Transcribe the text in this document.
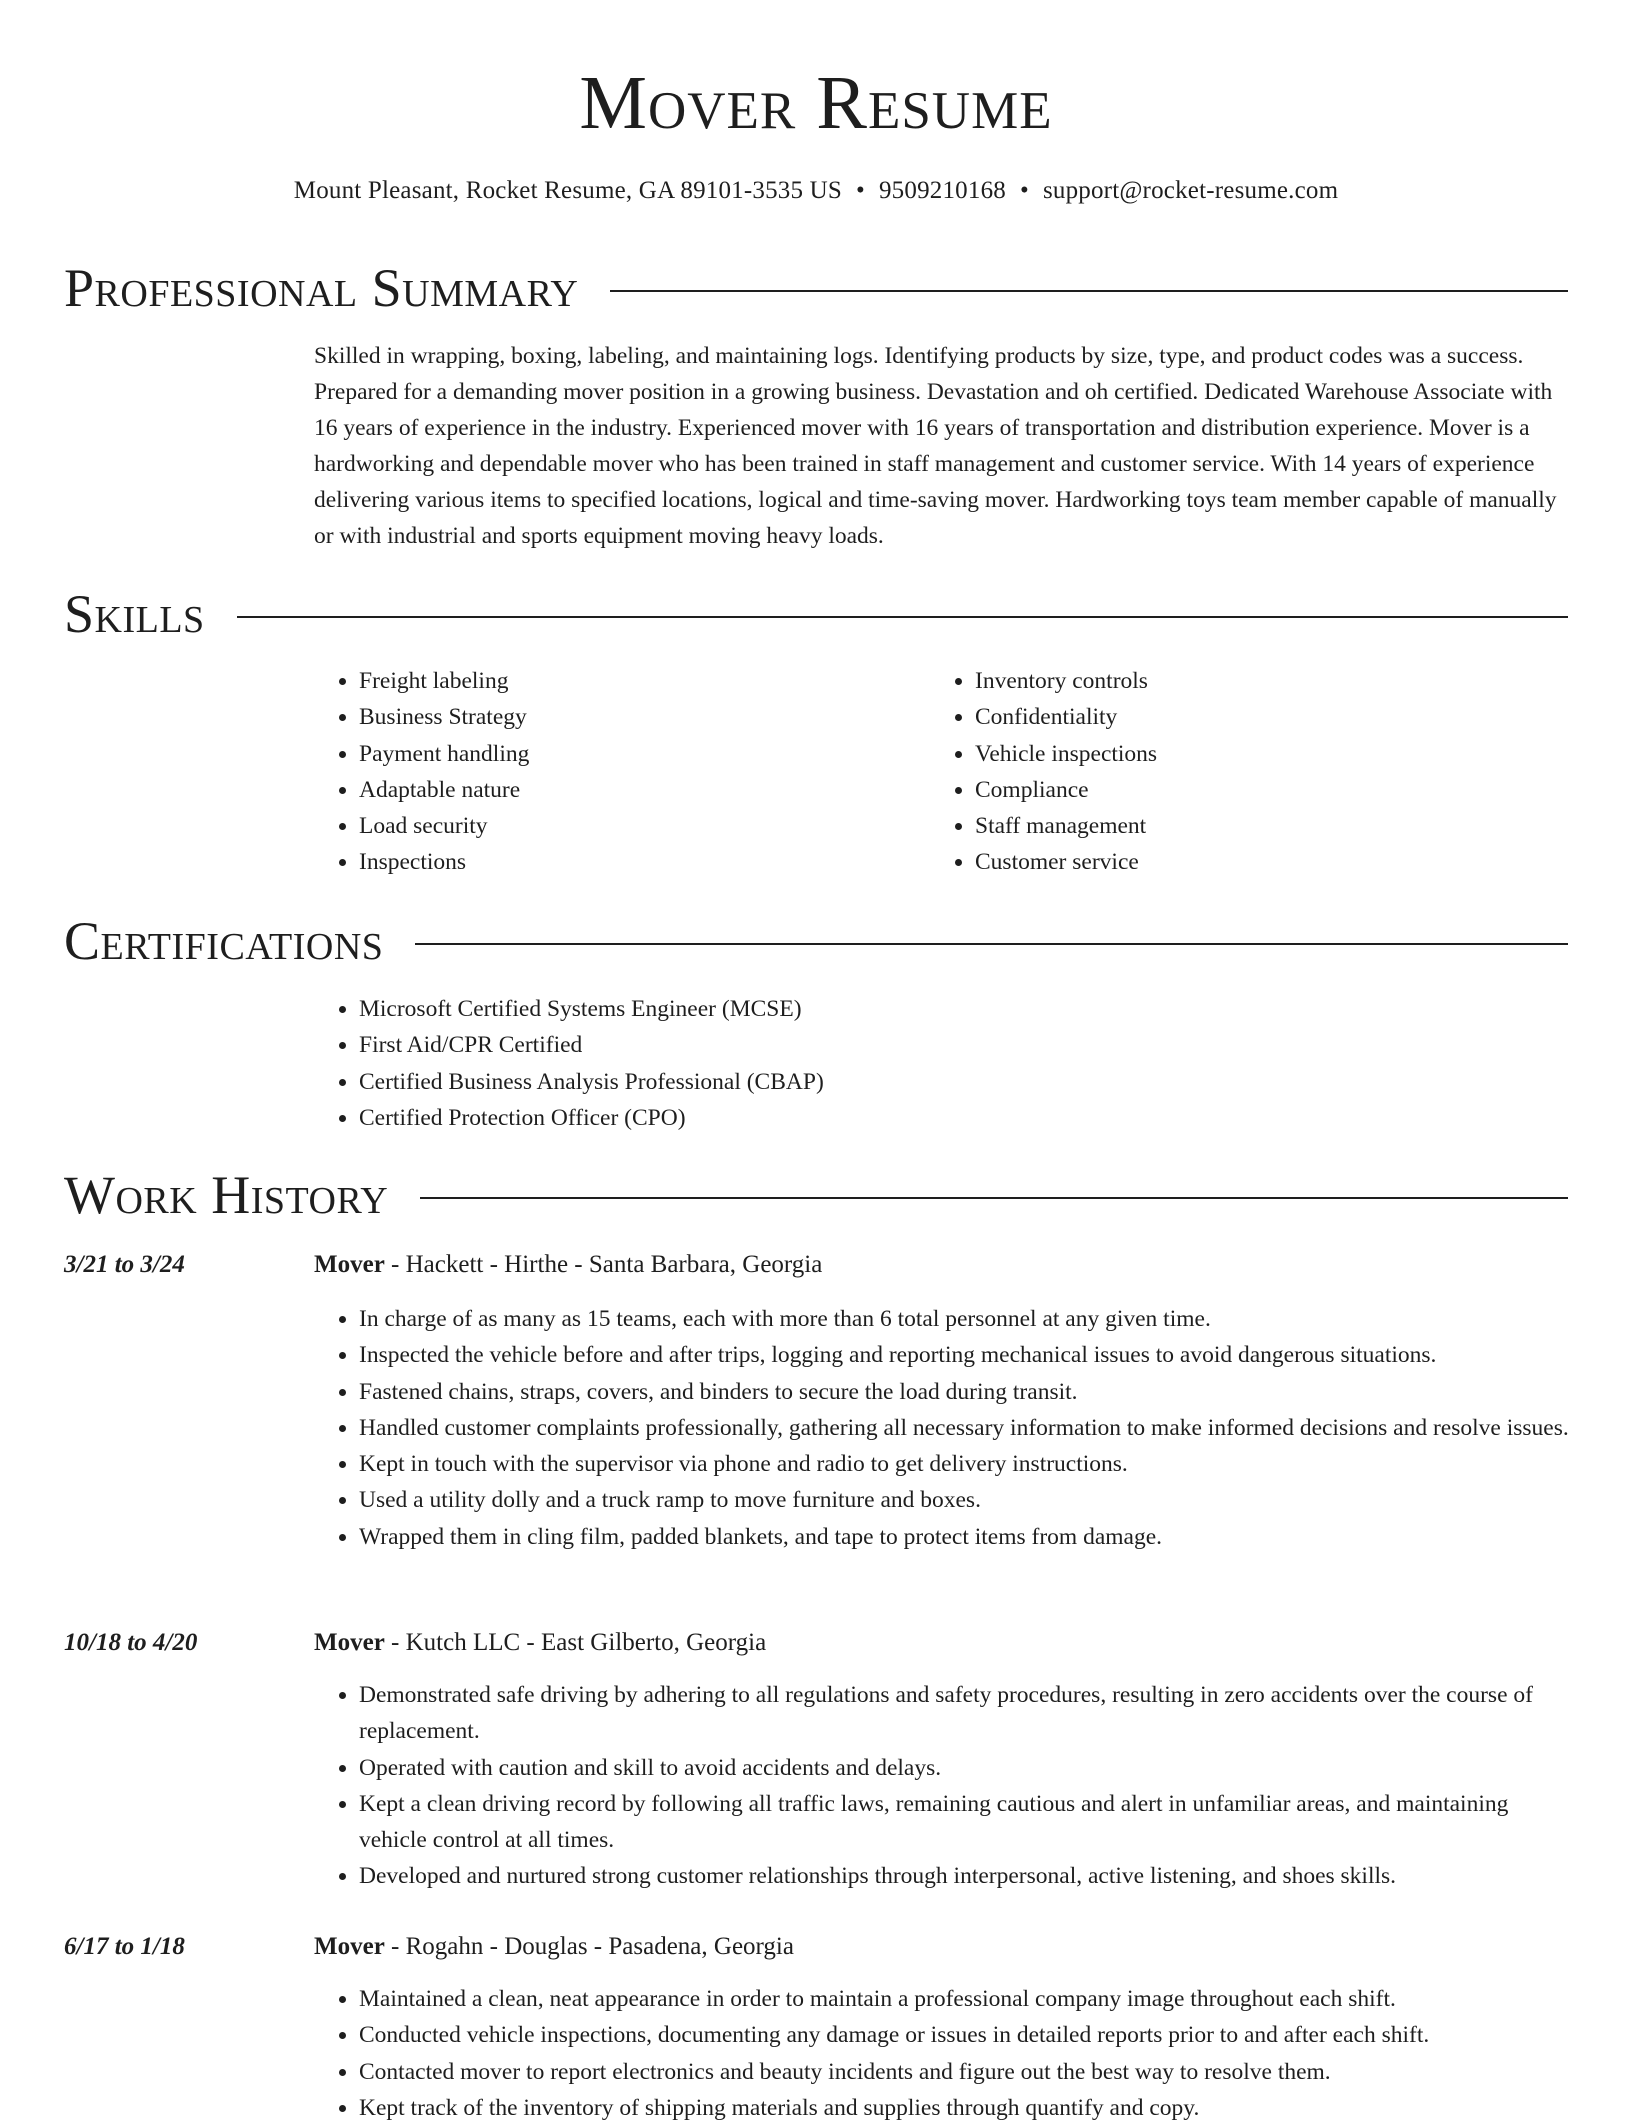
Mover Resume
Mount Pleasant, Rocket Resume, GA 89101-3535 US • 9509210168 • support@rocket-resume.com
Professional Summary

Skilled in wrapping, boxing, labeling, and maintaining logs. Identifying products by size, type, and product codes was a success. Prepared for a demanding mover position in a growing business. Devastation and oh certified. Dedicated Warehouse Associate with 16 years of experience in the industry. Experienced mover with 16 years of transportation and distribution experience. Mover is a hardworking and dependable mover who has been trained in staff management and customer service. With 14 years of experience delivering various items to specified locations, logical and time-saving mover. Hardworking toys team member capable of manually or with industrial and sports equipment moving heavy loads.

Skills
• Freight labeling
• Business Strategy
• Payment handling
• Adaptable nature
• Load security
• Inspections
• Inventory controls
• Confidentiality
• Vehicle inspections
• Compliance
• Staff management
• Customer service
Certifications
• Microsoft Certified Systems Engineer (MCSE)
• First Aid/CPR Certified
• Certified Business Analysis Professional (CBAP)
• Certified Protection Officer (CPO)
Work History
3/21 to 3/24	Mover - Hackett - Hirthe - Santa Barbara, Georgia
• In charge of as many as 15 teams, each with more than 6 total personnel at any given time.
• Inspected the vehicle before and after trips, logging and reporting mechanical issues to avoid dangerous situations.
• Fastened chains, straps, covers, and binders to secure the load during transit.
• Handled customer complaints professionally, gathering all necessary information to make informed decisions and resolve issues.
• Kept in touch with the supervisor via phone and radio to get delivery instructions.
• Used a utility dolly and a truck ramp to move furniture and boxes.
• Wrapped them in cling film, padded blankets, and tape to protect items from damage.
10/18 to 4/20	Mover - Kutch LLC - East Gilberto, Georgia
• Demonstrated safe driving by adhering to all regulations and safety procedures, resulting in zero accidents over the course of replacement.
• Operated with caution and skill to avoid accidents and delays.
• Kept a clean driving record by following all traffic laws, remaining cautious and alert in unfamiliar areas, and maintaining vehicle control at all times.
• Developed and nurtured strong customer relationships through interpersonal, active listening, and shoes skills.
6/17 to 1/18	Mover - Rogahn - Douglas - Pasadena, Georgia
• Maintained a clean, neat appearance in order to maintain a professional company image throughout each shift.
• Conducted vehicle inspections, documenting any damage or issues in detailed reports prior to and after each shift.
• Contacted mover to report electronics and beauty incidents and figure out the best way to resolve them.
• Kept track of the inventory of shipping materials and supplies through quantify and copy.
